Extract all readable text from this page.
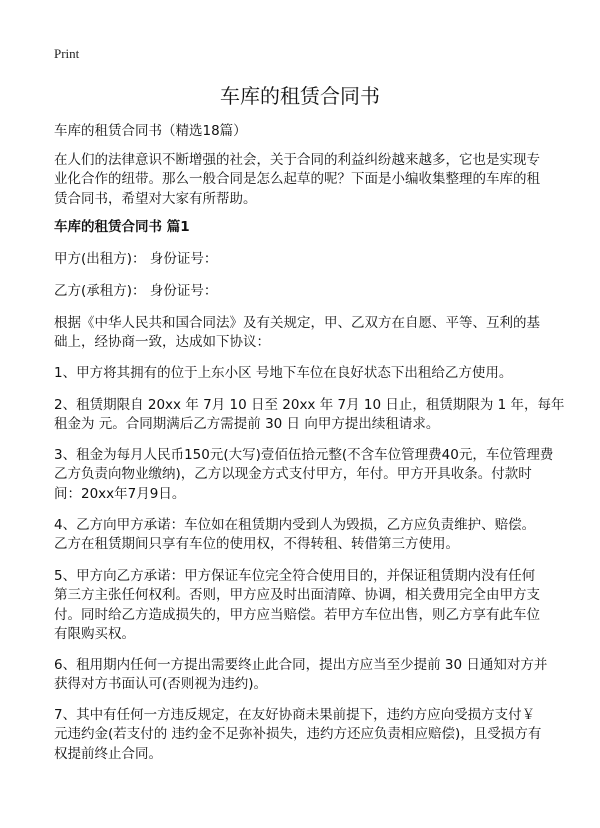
Print
车库的租赁合同书
车库的租赁合同书（精选18篇）
在人们的法律意识不断增强的社会，关于合同的利益纠纷越来越多，它也是实现专
业化合作的纽带。那么一般合同是怎么起草的呢？下面是小编收集整理的车库的租
赁合同书，希望对大家有所帮助。
车库的租赁合同书 篇1
甲方(出租方)： 身份证号：
乙方(承租方)： 身份证号：
根据《中华人民共和国合同法》及有关规定，甲、乙双方在自愿、平等、互利的基
础上，经协商一致，达成如下协议：
1、甲方将其拥有的位于上东小区 号地下车位在良好状态下出租给乙方使用。
2、租赁期限自 20xx 年 7月 10 日至 20xx 年 7月 10 日止，租赁期限为 1 年，每年
租金为 元。合同期满后乙方需提前 30 日 向甲方提出续租请求。
3、租金为每月人民币150元(大写)壹佰伍拾元整(不含车位管理费40元，车位管理费
乙方负责向物业缴纳)，乙方以现金方式支付甲方，年付。甲方开具收条。付款时
间：20xx年7月9日。
4、乙方向甲方承诺：车位如在租赁期内受到人为毁损，乙方应负责维护、赔偿。
乙方在租赁期间只享有车位的使用权，不得转租、转借第三方使用。
5、甲方向乙方承诺：甲方保证车位完全符合使用目的，并保证租赁期内没有任何
第三方主张任何权利。否则，甲方应及时出面清障、协调，相关费用完全由甲方支
付。同时给乙方造成损失的，甲方应当赔偿。若甲方车位出售，则乙方享有此车位
有限购买权。
6、租用期内任何一方提出需要终止此合同，提出方应当至少提前 30 日通知对方并
获得对方书面认可(否则视为违约)。
7、其中有任何一方违反规定，在友好协商未果前提下，违约方应向受损方支付￥
元违约金(若支付的 违约金不足弥补损失，违约方还应负责相应赔偿)，且受损方有
权提前终止合同。
